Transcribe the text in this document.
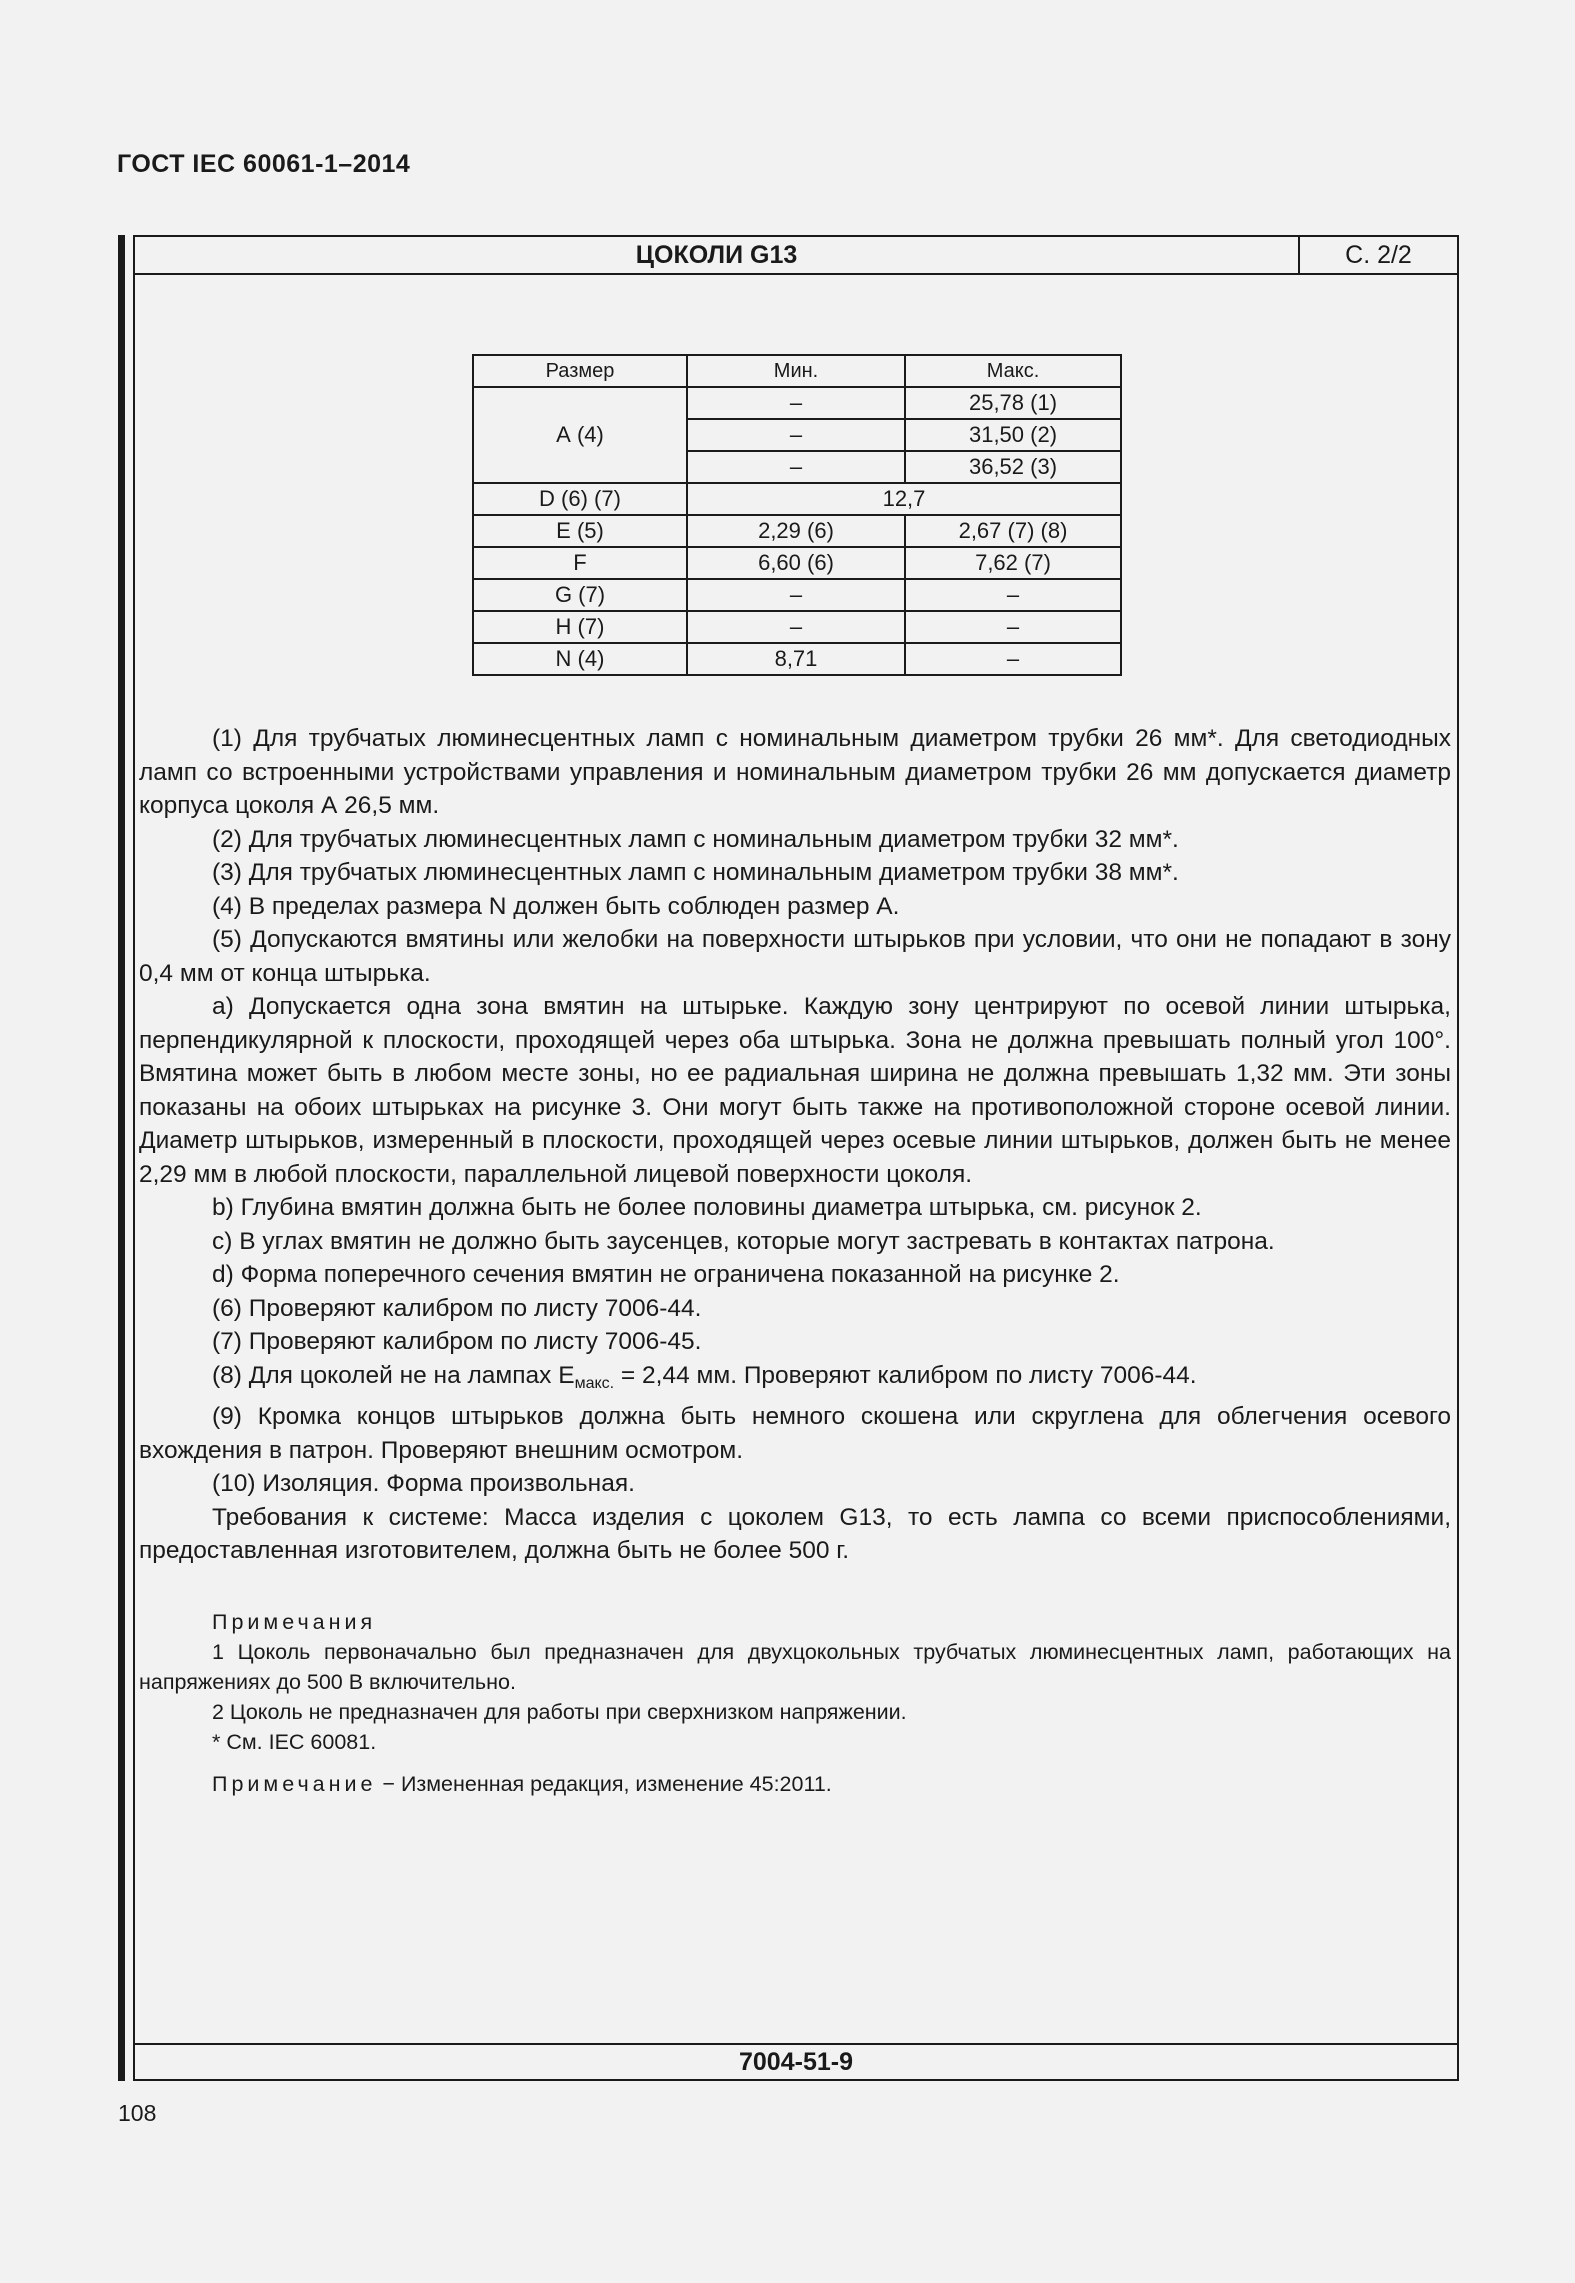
ГОСТ IEC 60061-1–2014
ЦОКОЛИ G13	С. 2/2
7004-51-9
Размер	Мин.	Макс.
А (4)	–	25,78 (1)
	–	31,50 (2)
	–	36,52 (3)
D (6) (7)	12,7	
E (5)	2,29 (6)	2,67 (7) (8)
F	6,60 (6)	7,62 (7)
G (7)	–	–
H (7)	–	–
N (4)	8,71	–

(1) Для трубчатых люминесцентных ламп с номинальным диаметром трубки 26 мм*. Для светодиодных ламп со встроенными устройствами управления и номинальным диаметром трубки 26 мм допускается диаметр корпуса цоколя А 26,5 мм.

(2) Для трубчатых люминесцентных ламп с номинальным диаметром трубки 32 мм*.

(3) Для трубчатых люминесцентных ламп с номинальным диаметром трубки 38 мм*.

(4) В пределах размера N должен быть соблюден размер А.

(5) Допускаются вмятины или желобки на поверхности штырьков при условии, что они не попадают в зону 0,4 мм от конца штырька.

a) Допускается одна зона вмятин на штырьке. Каждую зону центрируют по осевой линии штырька, перпендикулярной к плоскости, проходящей через оба штырька. Зона не должна превышать полный угол 100°. Вмятина может быть в любом месте зоны, но ее радиальная ширина не должна превышать 1,32 мм. Эти зоны показаны на обоих штырьках на рисунке 3. Они могут быть также на противоположной стороне осевой линии. Диаметр штырьков, измеренный в плоскости, проходящей через осевые линии штырьков, должен быть не менее 2,29 мм в любой плоскости, параллельной лицевой поверхности цоколя.

b) Глубина вмятин должна быть не более половины диаметра штырька, см. рисунок 2.

c) В углах вмятин не должно быть заусенцев, которые могут застревать в контактах патрона.

d) Форма поперечного сечения вмятин не ограничена показанной на рисунке 2.

(6) Проверяют калибром по листу 7006-44.

(7) Проверяют калибром по листу 7006-45.

(8) Для цоколей не на лампах $E_{макс.} = 2,44$ мм. Проверяют калибром по листу 7006-44.

(9) Кромка концов штырьков должна быть немного скошена или скруглена для облегчения осевого вхождения в патрон. Проверяют внешним осмотром.

(10) Изоляция. Форма произвольная.

Требования к системе: Масса изделия с цоколем G13, то есть лампа со всеми приспособлениями, предоставленная изготовителем, должна быть не более 500 г.

Примечания

1 Цоколь первоначально был предназначен для двухцокольных трубчатых люминесцентных ламп, работающих на напряжениях до 500 В включительно.

2 Цоколь не предназначен для работы при сверхнизком напряжении.

* См. IEC 60081.

Примечание − Измененная редакция, изменение 45:2011.

108
